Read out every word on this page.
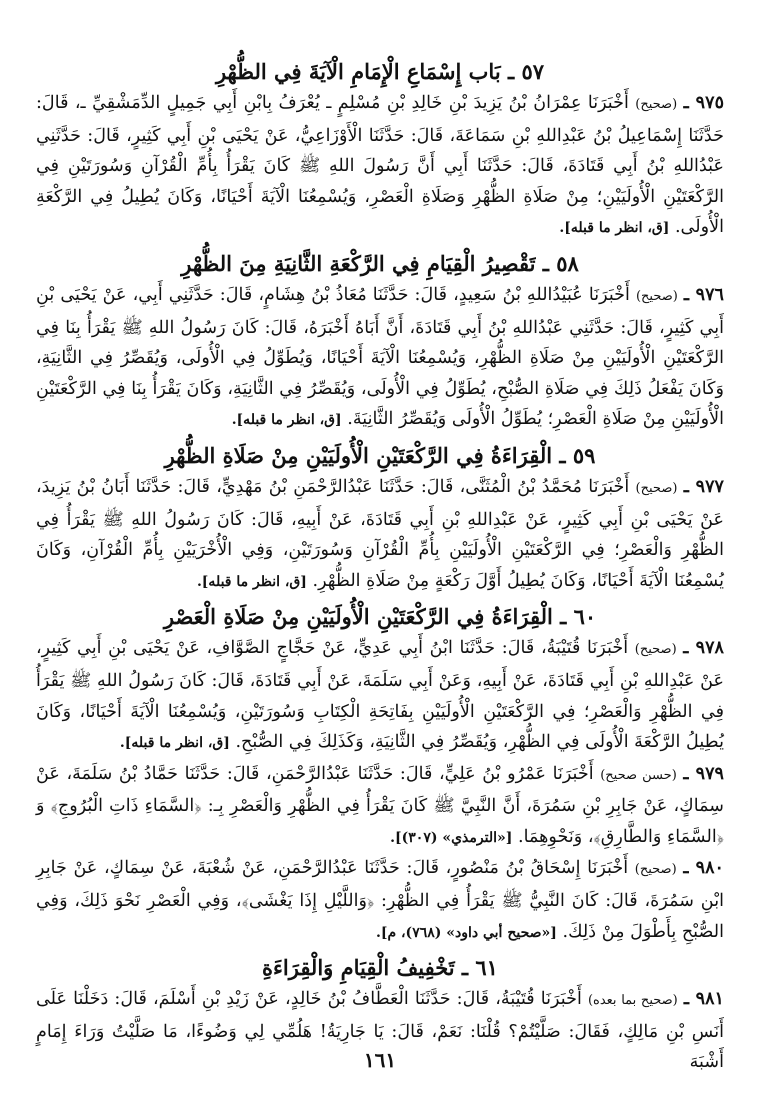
٥٧ ـ بَاب إِسْمَاعِ الْإِمَامِ الْآيَةَ فِي الظُّهْرِ

٩٧٥ ـ (صحيح) أَخْبَرَنَا عِمْرَانُ بْنُ يَزِيدَ بْنِ خَالِدِ بْنِ مُسْلِمٍ ـ يُعْرَفُ بِابْنِ أَبِي جَمِيلٍ الدِّمَشْقِيِّ ـ، قَالَ: حَدَّثَنَا إِسْمَاعِيلُ بْنُ عَبْدِاللهِ بْنِ سَمَاعَةَ، قَالَ: حَدَّثَنَا الْأَوْزَاعِيُّ، عَنْ يَحْيَى بْنِ أَبِي كَثِيرٍ، قَالَ: حَدَّثَنِي عَبْدُاللهِ بْنُ أَبِي قَتَادَةَ، قَالَ: حَدَّثَنَا أَبِي أَنَّ رَسُولَ اللهِ ﷺ كَانَ يَقْرَأُ بِأُمِّ الْقُرْآنِ وَسُورَتَيْنِ فِي الرَّكْعَتَيْنِ الْأُولَيَيْنِ؛ مِنْ صَلَاةِ الظُّهْرِ وَصَلَاةِ الْعَصْرِ، وَيُسْمِعُنَا الْآيَةَ أَحْيَانًا، وَكَانَ يُطِيلُ فِي الرَّكْعَةِ الْأُولَى. [ق، انظر ما قبله].

٥٨ ـ تَقْصِيرُ الْقِيَامِ فِي الرَّكْعَةِ الثَّانِيَةِ مِنَ الظُّهْرِ

٩٧٦ ـ (صحيح) أَخْبَرَنَا عُبَيْدُاللهِ بْنُ سَعِيدٍ، قَالَ: حَدَّثَنَا مُعَاذُ بْنُ هِشَامٍ، قَالَ: حَدَّثَنِي أَبِي، عَنْ يَحْيَى بْنِ أَبِي كَثِيرٍ، قَالَ: حَدَّثَنِي عَبْدُاللهِ بْنُ أَبِي قَتَادَةَ، أَنَّ أَبَاهُ أَخْبَرَهُ، قَالَ: كَانَ رَسُولُ اللهِ ﷺ يَقْرَأُ بِنَا فِي الرَّكْعَتَيْنِ الْأُولَيَيْنِ مِنْ صَلَاةِ الظُّهْرِ، وَيُسْمِعُنَا الْآيَةَ أَحْيَانًا، وَيُطَوِّلُ فِي الْأُولَى، وَيُقَصِّرُ فِي الثَّانِيَةِ، وَكَانَ يَفْعَلُ ذَلِكَ فِي صَلَاةِ الصُّبْحِ، يُطَوِّلُ فِي الْأُولَى، وَيُقَصِّرُ فِي الثَّانِيَةِ، وَكَانَ يَقْرَأُ بِنَا فِي الرَّكْعَتَيْنِ الْأُولَيَيْنِ مِنْ صَلَاةِ الْعَصْرِ؛ يُطَوِّلُ الْأُولَى وَيُقَصِّرُ الثَّانِيَةَ. [ق، انظر ما قبله].

٥٩ ـ الْقِرَاءَةُ فِي الرَّكْعَتَيْنِ الْأُولَيَيْنِ مِنْ صَلَاةِ الظُّهْرِ

٩٧٧ ـ (صحيح) أَخْبَرَنَا مُحَمَّدُ بْنُ الْمُثَنَّى، قَالَ: حَدَّثَنَا عَبْدُالرَّحْمَنِ بْنُ مَهْدِيٍّ، قَالَ: حَدَّثَنَا أَبَانُ بْنُ يَزِيدَ، عَنْ يَحْيَى بْنِ أَبِي كَثِيرٍ، عَنْ عَبْدِاللهِ بْنِ أَبِي قَتَادَةَ، عَنْ أَبِيهِ، قَالَ: كَانَ رَسُولُ اللهِ ﷺ يَقْرَأُ فِي الظُّهْرِ وَالْعَصْرِ؛ فِي الرَّكْعَتَيْنِ الْأُولَيَيْنِ بِأُمِّ الْقُرْآنِ وَسُورَتَيْنِ، وَفِي الْأُخْرَيَيْنِ بِأُمِّ الْقُرْآنِ، وَكَانَ يُسْمِعُنَا الْآيَةَ أَحْيَانًا، وَكَانَ يُطِيلُ أَوَّلَ رَكْعَةٍ مِنْ صَلَاةِ الظُّهْرِ. [ق، انظر ما قبله].

٦٠ ـ الْقِرَاءَةُ فِي الرَّكْعَتَيْنِ الْأُولَيَيْنِ مِنْ صَلَاةِ الْعَصْرِ

٩٧٨ ـ (صحيح) أَخْبَرَنَا قُتَيْبَةُ، قَالَ: حَدَّثَنَا ابْنُ أَبِي عَدِيٍّ، عَنْ حَجَّاجٍ الصَّوَّافِ، عَنْ يَحْيَى بْنِ أَبِي كَثِيرٍ، عَنْ عَبْدِاللهِ بْنِ أَبِي قَتَادَةَ، عَنْ أَبِيهِ، وَعَنْ أَبِي سَلَمَةَ، عَنْ أَبِي قَتَادَةَ، قَالَ: كَانَ رَسُولُ اللهِ ﷺ يَقْرَأُ فِي الظُّهْرِ وَالْعَصْرِ؛ فِي الرَّكْعَتَيْنِ الْأُولَيَيْنِ بِفَاتِحَةِ الْكِتَابِ وَسُورَتَيْنِ، وَيُسْمِعُنَا الْآيَةَ أَحْيَانًا، وَكَانَ يُطِيلُ الرَّكْعَةَ الْأُولَى فِي الظُّهْرِ، وَيُقَصِّرُ فِي الثَّانِيَةِ، وَكَذَلِكَ فِي الصُّبْحِ. [ق، انظر ما قبله].

٩٧٩ ـ (حسن صحيح) أَخْبَرَنَا عَمْرُو بْنُ عَلِيٍّ، قَالَ: حَدَّثَنَا عَبْدُالرَّحْمَنِ، قَالَ: حَدَّثَنَا حَمَّادُ بْنُ سَلَمَةَ، عَنْ سِمَاكٍ، عَنْ جَابِرِ بْنِ سَمُرَةَ، أَنَّ النَّبِيَّ ﷺ كَانَ يَقْرَأُ فِي الظُّهْرِ وَالْعَصْرِ بِـ: ﴿السَّمَاءِ ذَاتِ الْبُرُوجِ﴾ وَ ﴿السَّمَاءِ وَالطَّارِقِ﴾، وَنَحْوِهِمَا. [«الترمذي» (٣٠٧)].

٩٨٠ ـ (صحيح) أَخْبَرَنَا إِسْحَاقُ بْنُ مَنْصُورٍ، قَالَ: حَدَّثَنَا عَبْدُالرَّحْمَنِ، عَنْ شُعْبَةَ، عَنْ سِمَاكٍ، عَنْ جَابِرِ ابْنِ سَمُرَةَ، قَالَ: كَانَ النَّبِيُّ ﷺ يَقْرَأُ فِي الظُّهْرِ: ﴿وَاللَّيْلِ إِذَا يَغْشَى﴾، وَفِي الْعَصْرِ نَحْوَ ذَلِكَ، وَفِي الصُّبْحِ بِأَطْوَلَ مِنْ ذَلِكَ. [«صحيح أبي داود» (٧٦٨)، م].

٦١ ـ تَخْفِيفُ الْقِيَامِ وَالْقِرَاءَةِ

٩٨١ ـ (صحيح بما بعده) أَخْبَرَنَا قُتَيْبَةُ، قَالَ: حَدَّثَنَا الْعَطَّافُ بْنُ خَالِدٍ، عَنْ زَيْدِ بْنِ أَسْلَمَ، قَالَ: دَخَلْنَا عَلَى أَنَسِ بْنِ مَالِكٍ، فَقَالَ: صَلَّيْتُمْ؟ قُلْنَا: نَعَمْ، قَالَ: يَا جَارِيَةُ! هَلُمِّي لِي وَضُوءًا، مَا صَلَّيْتُ وَرَاءَ إِمَامٍ أَشْبَهَ

١٦١
